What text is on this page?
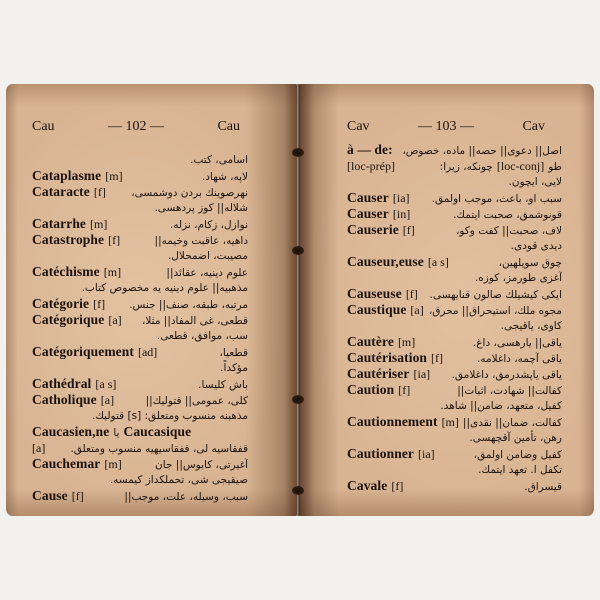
Cau	— 102 —	Cau	Cav	— 103 —	Cav
اسامی، کتب.
Cataplasme [m]	لاپه، شهاد.
Cataracte [f] نهرصوينك بردن دوشمسى،
شلاله|| كوز پردهسى.
Catarrhe [m]	نوازل، زكام، نزله.
Catastrophe [f]	داهيه، عاقبت وخيمه||
مصيبت، اضمحلال.
Catéchisme [m]	علوم دينيه، عقائد||
مذهبيه|| علوم دينيه يه مخصوص كتاب.
Catégorie [f] مرتبه، طبقه، صنف|| جنس.
Catégorique [a] قطعى، غى المفاد|| مثلا،
سب، موافق، قطعى.
Catégoriquement [ad]	قطعيا،
مؤكداً.
Cathédral [a s]	باش كليسا.
Catholique [a]	كلى، عمومى|| قتوليك||
مذهبنه منسوب ومتعلق: [s] قتوليك.
Caucasien,ne يا Caucasique
[a] قفقاسيه لى، قفقاسيهيه منسوب ومتعلق.
Cauchemar [m]	آغيرتى، كابوس|| جان
صيقيجى شى، تحملكداز كيمسه.
Cause [f]	سبب، وسيله، علت، موجب||
à — de: اصل|| دعوى|| حصه|| ماده، خصوص،
[loc-prép]	چونكه، زيرا: [loc-conj] طو
لايى، ايچون.
Causer [ia] سبب او، باعث، موجب اولمق.
Causer [in]	قونوشمق، صحبت ايتمك.
Causerie [f]	لاف، صحبت|| كفت وكو،
ديدى قودى.
Causeur,euse [a s]	چوق سويلهين،
آغزى طورمز، كوزه.
Causeuse [f] ايكى كيشيلك صالون قنايهسى.
Caustique [a] مجوه ملك، استيحراق|| محرق،
كاوى، ياقيجى.
Cautère [m]	ياقى|| يارهسى، داغ.
Cautérisation [f]	ياقى آچمه، داغلامه.
Cautériser [ia] ياقى ياپشدرمق، داغلامق.
Caution [f]	كفالت|| شهادت، اثبات||
كفيل، متعهد، ضامن|| شاهد.
Cautionnement [m] كفالت، ضمان|| نقدى||
رهن، تأمين آقچهسى.
Cautionner [ia]	كفيل وضامن اولمق،
تكفل ا. تعهد ايتمك.
Cavale [f]	قيسراق.
